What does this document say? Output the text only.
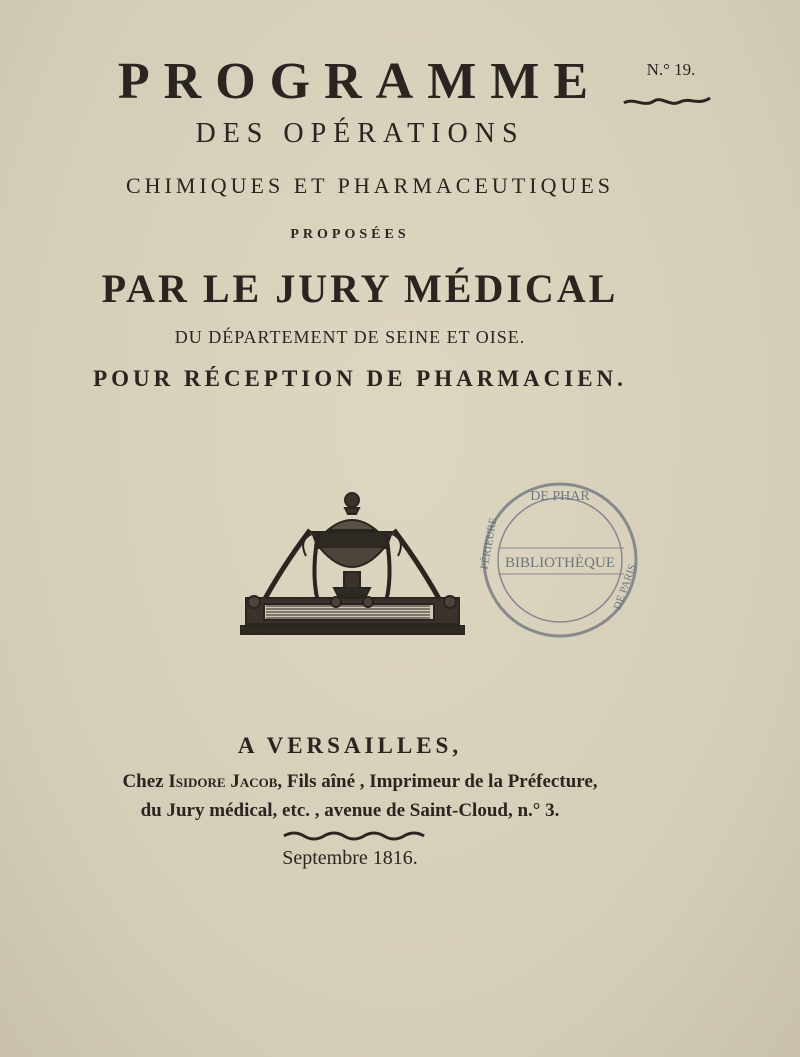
PROGRAMME	N.° 19.
DES OPÉRATIONS
CHIMIQUES ET PHARMACEUTIQUES
PROPOSÉES
PAR LE JURY MÉDICAL
DU DÉPARTEMENT DE SEINE ET OISE.
POUR RÉCEPTION DE PHARMACIEN.
DE PHAR
BIBLIOTHÈQUE
DE PARIS
PÉRIEURE
A VERSAILLES,
Chez Isidore Jacob, Fils aîné , Imprimeur de la Préfecture,
du Jury médical, etc. , avenue de Saint-Cloud, n.° 3.
Septembre 1816.
